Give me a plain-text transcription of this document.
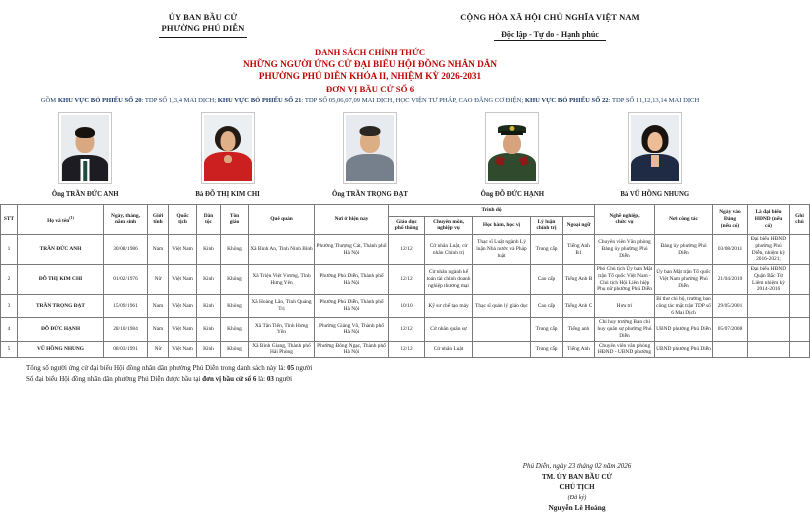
ỦY BAN BẦU CỬ
PHƯỜNG PHÚ DIỄN
CỘNG HÒA XÃ HỘI CHỦ NGHĨA VIỆT NAM
Độc lập - Tự do - Hạnh phúc
DANH SÁCH CHÍNH THỨC
NHỮNG NGƯỜI ỨNG CỬ ĐẠI BIỂU HỘI ĐỒNG NHÂN DÂN
PHƯỜNG PHÚ DIỄN KHÓA II, NHIỆM KỲ 2026-2031
ĐƠN VỊ BẦU CỬ SỐ 6
GỒM KHU VỰC BỎ PHIẾU SỐ 20: TDP SỐ 1,3,4 MAI DỊCH; KHU VỰC BỎ PHIẾU SỐ 21: TDP SỐ 05,06,07,09 MAI DỊCH, HỌC VIỆN TƯ PHÁP, CAO ĐẲNG CƠ ĐIỆN; KHU VỰC BỎ PHIẾU SỐ 22: TDP SỐ 11,12,13,14 MAI DỊCH
Ông TRẦN ĐỨC ANH	Bà ĐỖ THỊ KIM CHI	Ông TRẦN TRỌNG ĐẠT	Ông ĐỖ ĐỨC HẠNH	Bà VŨ HỒNG NHUNG
STT	Họ và tên$^{(1)}$	Ngày, tháng,
năm sinh	Giới
tính	Quốc
tịch	Dân
tộc	Tôn
giáo	Quê quán	Nơi ở hiện nay	Trình độ					Nghề nghiệp,
chức vụ	Nơi công tác	Ngày vào
Đảng
(nếu có)	Là đại biểu
HĐND (nếu
có)	Ghi
chú
									Giáo dục
phổ thông	Chuyên môn,
nghiệp vụ	Học hàm, học vị	Lý luận
chính trị	Ngoại ngữ					
1	TRẦN ĐỨC ANH	30/08/1986	Nam	Việt Nam	Kinh	Không	Xã Bình An, Tỉnh Ninh Bình	Phường Thượng Cát, Thành phố Hà Nội	12/12	Cử nhân Luật, cử nhân Chính trị	Thạc sĩ Luật ngành Lý luận Nhà nước và Pháp luật	Trung cấp	Tiếng Anh B1	Chuyên viên Văn phòng Đảng ủy phường Phú Diễn	Đảng ủy phường Phú Diễn	03/08/2011	Đại biểu HĐND phường Phú Diễn, nhiệm kỳ 2016-2021;	
2	ĐỖ THỊ KIM CHI	01/02/1976	Nữ	Việt Nam	Kinh	Không	Xã Triệu Việt Vương, Tỉnh Hưng Yên	Phường Phú Diễn, Thành phố Hà Nội	12/12	Cử nhân ngành kế toán tài chính doanh nghiệp thương mại		Cao cấp	Tiếng Anh B	Phó Chủ tịch Ủy ban Mặt trận Tổ quốc Việt Nam - Chủ tịch Hội Liên hiệp Phụ nữ phường Phú Diễn	Ủy ban Mặt trận Tổ quốc Việt Nam phường Phú Diễn	21/04/2010	Đại biểu HĐND Quận Bắc Từ Liêm nhiệm kỳ 2014-2016	
3	TRẦN TRỌNG ĐẠT	15/09/1961	Nam	Việt Nam	Kinh	Không	Xã Hoàng Lão, Tỉnh Quảng Trị	Phường Phú Diễn, Thành phố Hà Nội	10/10	Kỹ sư chế tạo máy	Thạc sĩ quản lý giáo dục	Cao cấp	Tiếng Anh C	Hưu trí	Bí thư chi bộ, trưởng ban công tác mặt trận TDP số 6 Mai Dịch	29/05/2001		
4	ĐỖ ĐỨC HẠNH	28/10/1984	Nam	Việt Nam	Kinh	Không	Xã Tân Tiến, Tỉnh Hưng Yên	Phường Giảng Võ, Thành phố Hà Nội	12/12	Cử nhân quân sự		Trung cấp	Tiếng anh	Chỉ huy trưởng Ban chỉ huy quân sự phường Phú Diễn	UBND phường Phú Diễn	05/07/2008		
5	VŨ HỒNG NHUNG	08/03/1991	Nữ	Việt Nam	Kinh	Không	Xã Bình Giang, Thành phố Hải Phòng	Phường Đông Ngạc, Thành phố Hà Nội	12/12	Cử nhân Luật		Trung cấp	Tiếng Anh	Chuyên viên văn phòng HĐND - UBND phường	UBND phường Phú Diễn			
Tổng số người ứng cử đại biểu Hội đồng nhân dân phường Phú Diễn trong danh sách này là: 05 người
Số đại biểu Hội đồng nhân dân phường Phú Diễn được bầu tại đơn vị bầu cử số 6 là: 03 người
Phú Diễn, ngày 23 tháng 02 năm 2026
TM. ỦY BAN BẦU CỬ
CHỦ TỊCH
(Đã ký)
Nguyễn Lê Hoàng
